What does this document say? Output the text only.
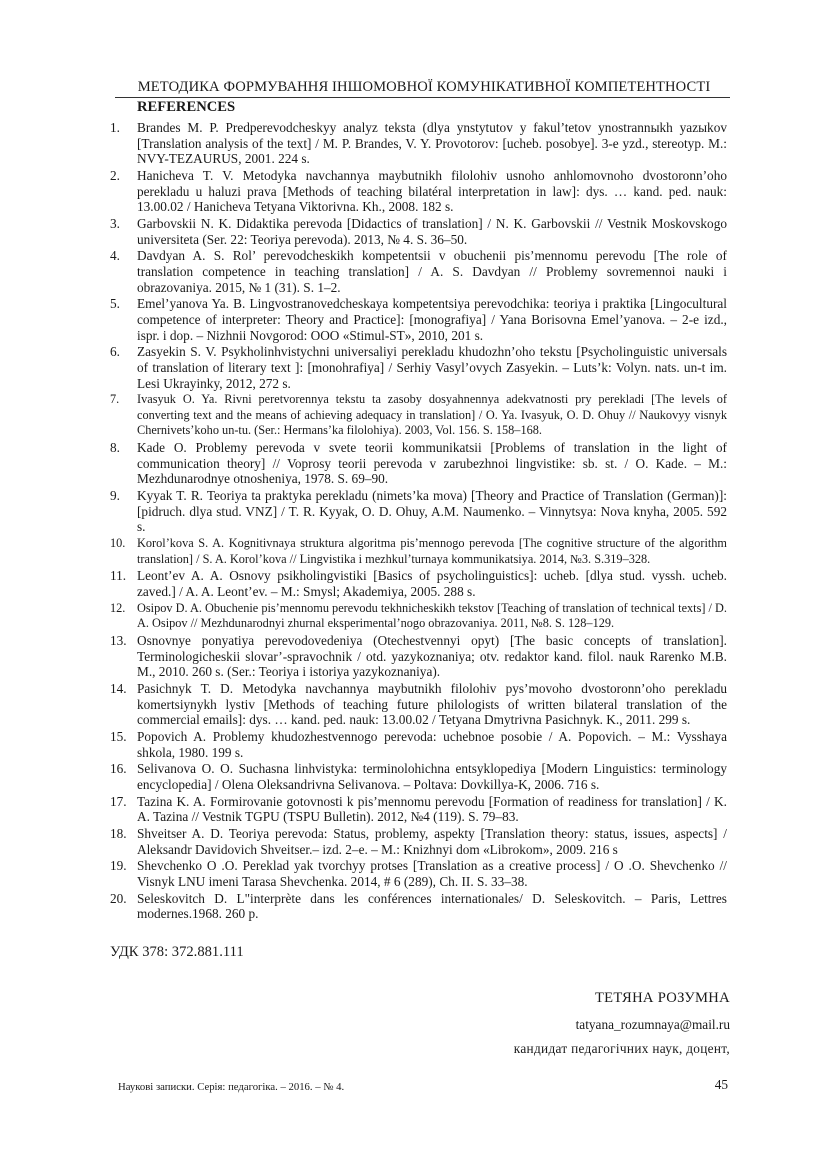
МЕТОДИКА ФОРМУВАННЯ ІНШОМОВНОЇ КОМУНІКАТИВНОЇ КОМПЕТЕНТНОСТІ
REFERENCES
1. Brandes M. P. Predperevodcheskyy analyz teksta (dlya ynstytutov y fakul’tetov ynostrannыkh yazыkov [Translation analysis of the text] / M. P. Brandes, V. Y. Provotorov: [ucheb. posobye]. 3-e yzd., stereotyp. M.: NVY-TEZAURUS, 2001. 224 s.
2. Hanicheva T. V. Metodyka navchannya maybutnikh filolohiv usnoho anhlomovnoho dvostoronn’oho perekladu u haluzi prava [Methods of teaching bilatéral interpretation in law]: dys. … kand. ped. nauk: 13.00.02 / Hanicheva Tetyana Viktorivna. Kh., 2008. 182 s.
3. Garbovskii N. K. Didaktika perevoda [Didactics of translation] / N. K. Garbovskii // Vestnik Moskovskogo universiteta (Ser. 22: Teoriya perevoda). 2013, № 4. S. 36–50.
4. Davdyan A. S. Rol’ perevodcheskikh kompetentsii v obuchenii pis’mennomu perevodu [The role of translation competence in teaching translation] / A. S. Davdyan // Problemy sovremennoi nauki i obrazovaniya. 2015, № 1 (31). S. 1–2.
5. Emel’yanova Ya. B. Lingvostranovedcheskaya kompetentsiya perevodchika: teoriya i praktika [Lingocultural competence of interpreter: Theory and Practice]: [monografiya] / Yana Borisovna Emel’yanova. – 2-e izd., ispr. i dop. – Nizhnii Novgorod: OOO «Stimul-ST», 2010, 201 s.
6. Zasyekin S. V. Psykholinhvistychni universaliyi perekladu khudozhn’oho tekstu [Psycholinguistic universals of translation of literary text ]: [monohrafiya] / Serhiy Vasyl’ovych Zasyekin. – Luts’k: Volyn. nats. un-t im. Lesi Ukrayinky, 2012, 272 s.
7. Ivasyuk O. Ya. Rivni peretvorennya tekstu ta zasoby dosyahnennya adekvatnosti pry perekladi [The levels of converting text and the means of achieving adequacy in translation] / O. Ya. Ivasyuk, O. D. Ohuy // Naukovyy visnyk Chernivets’koho un-tu. (Ser.: Hermans’ka filolohiya). 2003, Vol. 156. S. 158–168.
8. Kade O. Problemy perevoda v svete teorii kommunikatsii [Problems of translation in the light of communication theory] // Voprosy teorii perevoda v zarubezhnoi lingvistike: sb. st. / O. Kade. – M.: Mezhdunarodnye otnosheniya, 1978. S. 69–90.
9. Kyyak T. R. Teoriya ta praktyka perekladu (nimets’ka mova) [Theory and Practice of Translation (German)]: [pidruch. dlya stud. VNZ] / T. R. Kyyak, O. D. Ohuy, A.M. Naumenko. – Vinnytsya: Nova knyha, 2005. 592 s.
10. Korol’kova S. A. Kognitivnaya struktura algoritma pis’mennogo perevoda [The cognitive structure of the algorithm translation] / S. A. Korol’kova // Lingvistika i mezhkul’turnaya kommunikatsiya. 2014, №3. S.319–328.
11. Leont’ev A. A. Osnovy psikholingvistiki [Basics of psycholinguistics]: ucheb. [dlya stud. vyssh. ucheb. zaved.] / A. A. Leont’ev. – M.: Smysl; Akademiya, 2005. 288 s.
12. Osipov D. A. Obuchenie pis’mennomu perevodu tekhnicheskikh tekstov [Teaching of translation of technical texts] / D. A. Osipov // Mezhdunarodnyi zhurnal eksperimental’nogo obrazovaniya. 2011, №8. S. 128–129.
13. Osnovnye ponyatiya perevodovedeniya (Otechestvennyi opyt) [The basic concepts of translation]. Terminologicheskii slovar’-spravochnik / otd. yazykoznaniya; otv. redaktor kand. filol. nauk Rarenko M.B. M., 2010. 260 s. (Ser.: Teoriya i istoriya yazykoznaniya).
14. Pasichnyk T. D. Metodyka navchannya maybutnikh filolohiv pys’movoho dvostoronn’oho perekladu komertsiynykh lystiv [Methods of teaching future philologists of written bilateral translation of the commercial emails]: dys. … kand. ped. nauk: 13.00.02 / Tetyana Dmytrivna Pasichnyk. K., 2011. 299 s.
15. Popovich A. Problemy khudozhestvennogo perevoda: uchebnoe posobie / A. Popovich. – M.: Vysshaya shkola, 1980. 199 s.
16. Selivanova O. O. Suchasna linhvistyka: terminolohichna entsyklopediya [Modern Linguistics: terminology encyclopedia] / Olena Oleksandrivna Selivanova. – Poltava: Dovkillya-K, 2006. 716 s.
17. Tazina K. A. Formirovanie gotovnosti k pis’mennomu perevodu [Formation of readiness for translation] / K. A. Tazina // Vestnik TGPU (TSPU Bulletin). 2012, №4 (119). S. 79–83.
18. Shveitser A. D. Teoriya perevoda: Status, problemy, aspekty [Translation theory: status, issues, aspects] / Aleksandr Davidovich Shveitser.– izd. 2–e. – M.: Knizhnyi dom «Librokom», 2009. 216 s
19. Shevchenko O .O. Pereklad yak tvorchyy protses [Translation as a creative process] / O .O. Shevchenko // Visnyk LNU imeni Tarasa Shevchenka. 2014, # 6 (289), Ch. II. S. 33–38.
20. Seleskovitch D. L"interprète dans les conférences internationales/ D. Seleskovitch. – Paris, Lettres modernes.1968. 260 p.
УДК 378: 372.881.111
ТЕТЯНА РОЗУМНА
tatyana_rozumnaya@mail.ru
кандидат педагогічних наук, доцент,
Наукові записки. Серія: педагогіка. – 2016. – № 4.	45
